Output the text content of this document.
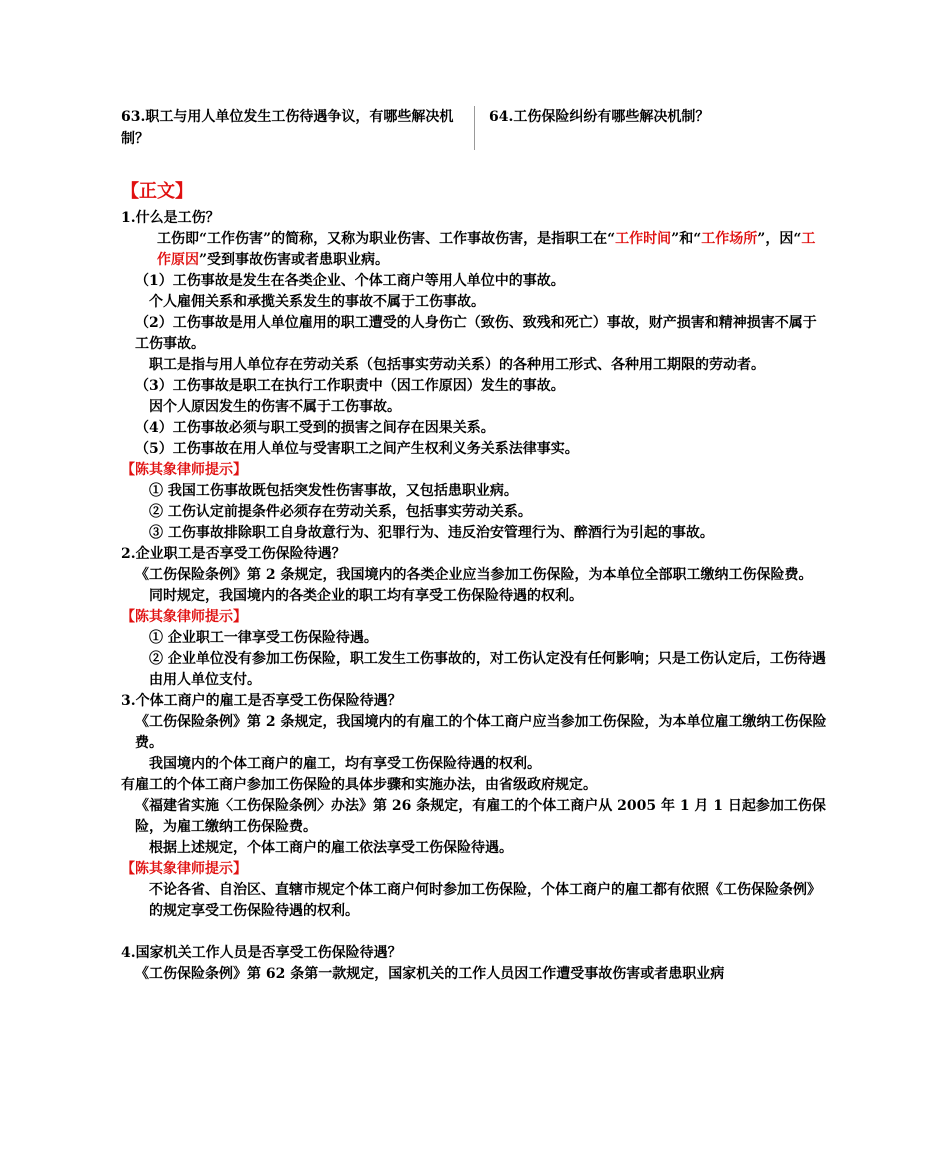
63.职工与用人单位发生工伤待遇争议，有哪些解决机制？
64.工伤保险纠纷有哪些解决机制？
【正文】

1.什么是工伤？

工伤即“工作伤害”的简称，又称为职业伤害、工作事故伤害，是指职工在“工作时间”和“工作场所”，因“工作原因”受到事故伤害或者患职业病。

（1）工伤事故是发生在各类企业、个体工商户等用人单位中的事故。

个人雇佣关系和承揽关系发生的事故不属于工伤事故。

（2）工伤事故是用人单位雇用的职工遭受的人身伤亡（致伤、致残和死亡）事故，财产损害和精神损害不属于工伤事故。

职工是指与用人单位存在劳动关系（包括事实劳动关系）的各种用工形式、各种用工期限的劳动者。

（3）工伤事故是职工在执行工作职责中（因工作原因）发生的事故。

因个人原因发生的伤害不属于工伤事故。

（4）工伤事故必须与职工受到的损害之间存在因果关系。

（5）工伤事故在用人单位与受害职工之间产生权利义务关系法律事实。

【陈其象律师提示】

① 我国工伤事故既包括突发性伤害事故，又包括患职业病。

② 工伤认定前提条件必须存在劳动关系，包括事实劳动关系。

③ 工伤事故排除职工自身故意行为、犯罪行为、违反治安管理行为、醉酒行为引起的事故。

2.企业职工是否享受工伤保险待遇？

《工伤保险条例》第 2 条规定，我国境内的各类企业应当参加工伤保险，为本单位全部职工缴纳工伤保险费。

同时规定，我国境内的各类企业的职工均有享受工伤保险待遇的权利。

【陈其象律师提示】

① 企业职工一律享受工伤保险待遇。

② 企业单位没有参加工伤保险，职工发生工伤事故的，对工伤认定没有任何影响；只是工伤认定后，工伤待遇由用人单位支付。

3.个体工商户的雇工是否享受工伤保险待遇？

《工伤保险条例》第 2 条规定，我国境内的有雇工的个体工商户应当参加工伤保险，为本单位雇工缴纳工伤保险费。

我国境内的个体工商户的雇工，均有享受工伤保险待遇的权利。

有雇工的个体工商户参加工伤保险的具体步骤和实施办法，由省级政府规定。

《福建省实施〈工伤保险条例〉办法》第 26 条规定，有雇工的个体工商户从 2005 年 1 月 1 日起参加工伤保险，为雇工缴纳工伤保险费。

根据上述规定，个体工商户的雇工依法享受工伤保险待遇。

【陈其象律师提示】

不论各省、自治区、直辖市规定个体工商户何时参加工伤保险，个体工商户的雇工都有依照《工伤保险条例》的规定享受工伤保险待遇的权利。

4.国家机关工作人员是否享受工伤保险待遇？

《工伤保险条例》第 62 条第一款规定，国家机关的工作人员因工作遭受事故伤害或者患职业病
